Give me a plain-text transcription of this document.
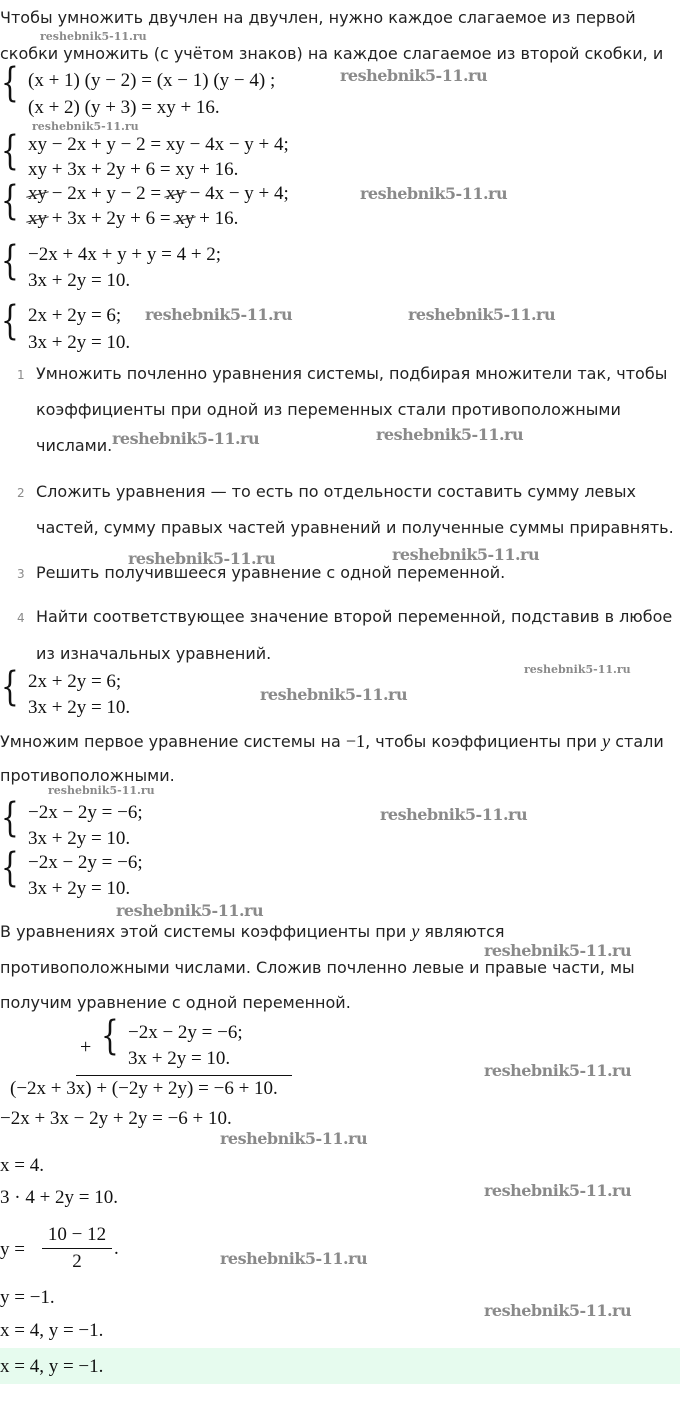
Чтобы умножить двучлен на двучлен, нужно каждое слагаемое из первой
скобки умножить (с учётом знаков) на каждое слагаемое из второй скобки, и
{ (x + 1) (y − 2) = (x − 1) (y − 4) ;
(x + 2) (y + 3) = xy + 16.
{ xy − 2x + y − 2 = xy − 4x − y + 4;
xy + 3x + 2y + 6 = xy + 16.
{ xy − 2x + y − 2 = xy − 4x − y + 4;
xy + 3x + 2y + 6 = xy + 16.
{ −2x + 4x + y + y = 4 + 2;
3x + 2y = 10.
{ 2x + 2y = 6;
3x + 2y = 10.
1 Умножить почленно уравнения системы, подбирая множители так, чтобы
коэффициенты при одной из переменных стали противоположными
числами.
2 Сложить уравнения — то есть по отдельности составить сумму левых
частей, сумму правых частей уравнений и полученные суммы приравнять.
3 Решить получившееся уравнение с одной переменной.
4 Найти соответствующее значение второй переменной, подставив в любое
из изначальных уравнений.
{ 2x + 2y = 6;
3x + 2y = 10.
Умножим первое уравнение системы на −1, чтобы коэффициенты при y стали
противоположными.
{ −2x − 2y = −6;
3x + 2y = 10.
{ −2x − 2y = −6;
3x + 2y = 10.
В уравнениях этой системы коэффициенты при y являются
противоположными числами. Сложив почленно левые и правые части, мы
получим уравнение с одной переменной.
+ { −2x − 2y = −6;
3x + 2y = 10.
(−2x + 3x) + (−2y + 2y) = −6 + 10.
−2x + 3x − 2y + 2y = −6 + 10.
x = 4.
3 · 4 + 2y = 10.
y =
10 − 12
2
.
y = −1.
x = 4, y = −1.
x = 4, y = −1.
reshebnik5-11.ru
reshebnik5-11.ru
reshebnik5-11.ru
reshebnik5-11.ru
reshebnik5-11.ru	reshebnik5-11.ru
reshebnik5-11.ru	reshebnik5-11.ru
reshebnik5-11.ru	reshebnik5-11.ru
reshebnik5-11.ru
reshebnik5-11.ru
reshebnik5-11.ru
reshebnik5-11.ru
reshebnik5-11.ru
reshebnik5-11.ru
reshebnik5-11.ru
reshebnik5-11.ru
reshebnik5-11.ru
reshebnik5-11.ru
reshebnik5-11.ru
